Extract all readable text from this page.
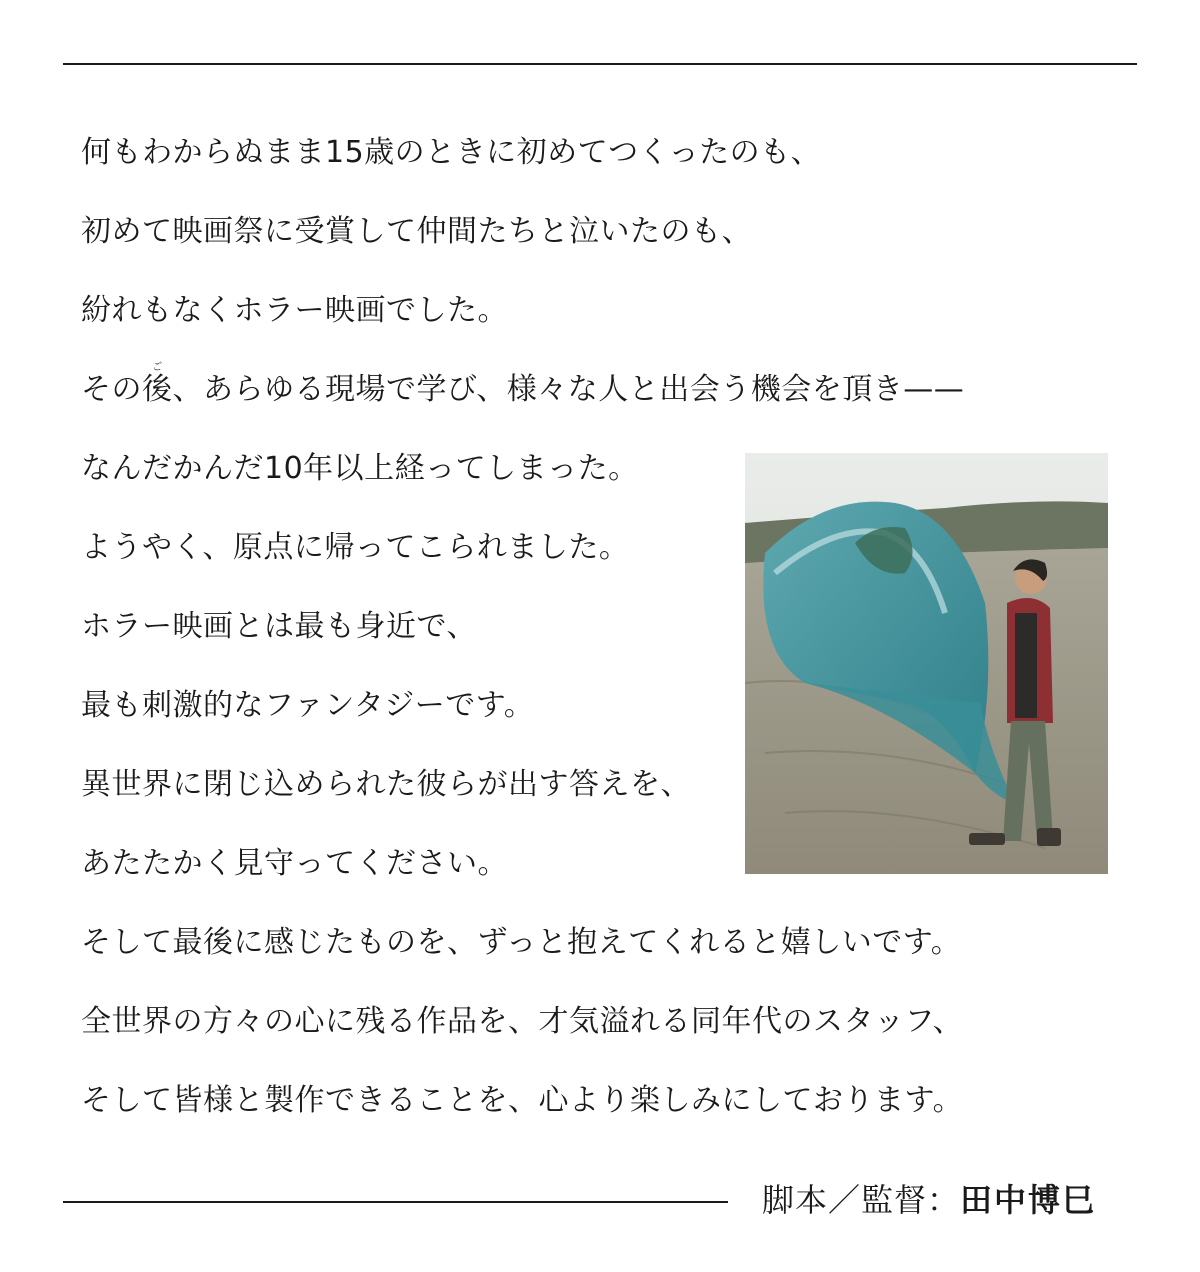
何もわからぬまま15歳のときに初めてつくったのも、
初めて映画祭に受賞して仲間たちと泣いたのも、
紛れもなくホラー映画でした。
その後ご、あらゆる現場で学び、様々な人と出会う機会を頂き——
なんだかんだ10年以上経ってしまった。
ようやく、原点に帰ってこられました。
ホラー映画とは最も身近で、
最も刺激的なファンタジーです。
異世界に閉じ込められた彼らが出す答えを、
あたたかく見守ってください。
そして最後に感じたものを、ずっと抱えてくれると嬉しいです。
全世界の方々の心に残る作品を、才気溢れる同年代のスタッフ、
そして皆様と製作できることを、心より楽しみにしております。
脚本／監督：田中博巳
